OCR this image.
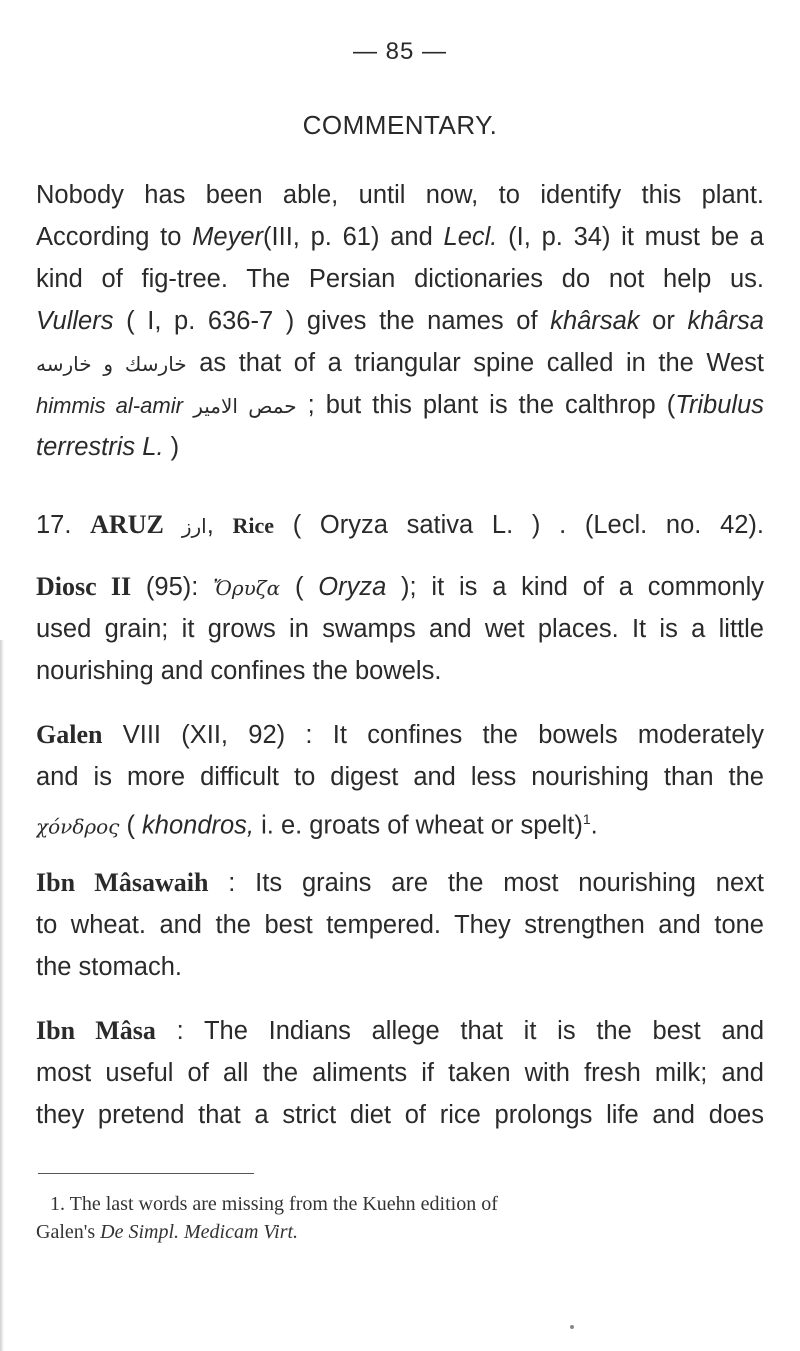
— 85 —
COMMENTARY.
Nobody has been able, until now, to identify this plant.
According to Meyer(III, p. 61) and Lecl. (I, p. 34) it must be a
kind of fig-tree. The Persian dictionaries do not help us.
Vullers ( I, p. 636-7 ) gives the names of khârsak or khârsa
خارسك و خارسه as that of a triangular spine called in the West
himmis al-amir حمص الامير ; but this plant is the calthrop (Tribulus
terrestris L. )
17. ARUZ ارز, Rice ( Oryza sativa L. ) . (Lecl. no. 42).
Diosc II (95): Ὄρυζα ( Oryza ); it is a kind of a commonly
used grain; it grows in swamps and wet places. It is a little
nourishing and confines the bowels.
Galen VIII (XII, 92) : It confines the bowels moderately
and is more difficult to digest and less nourishing than the
χόνδρος ( khondros, i. e. groats of wheat or spelt)$^1$.
Ibn Mâsawaih : Its grains are the most nourishing next
to wheat. and the best tempered. They strengthen and tone
the stomach.
Ibn Mâsa : The Indians allege that it is the best and
most useful of all the aliments if taken with fresh milk; and
they pretend that a strict diet of rice prolongs life and does
1. The last words are missing from the Kuehn edition of
Galen's De Simpl. Medicam Virt.
